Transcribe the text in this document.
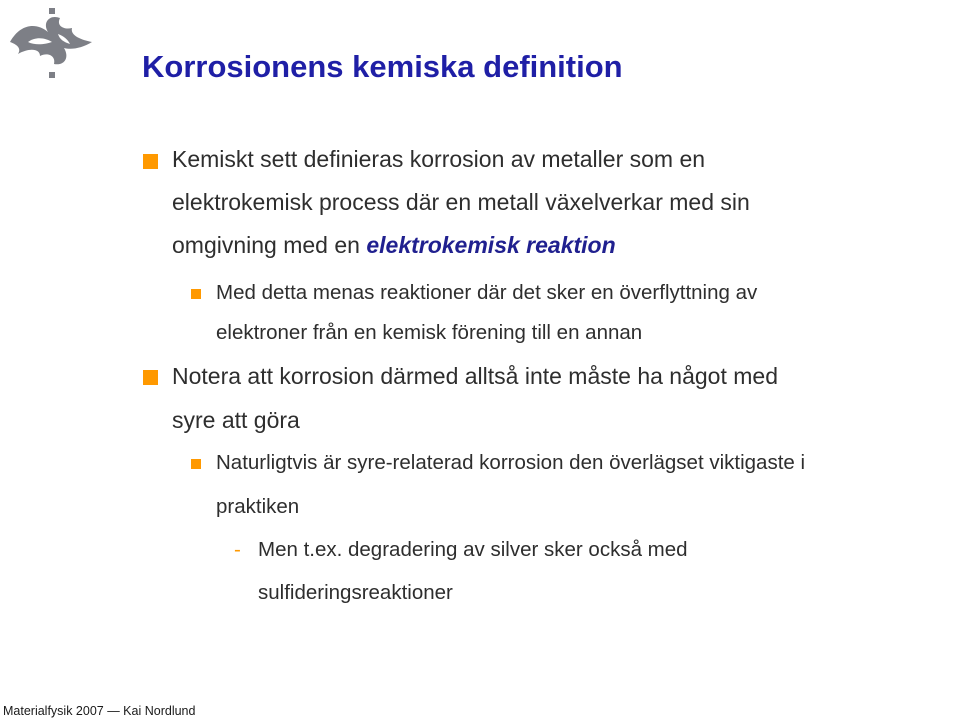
Korrosionens kemiska definition

Kemiskt sett definieras korrosion av metaller som en

elektrokemisk process där en metall växelverkar med sin

omgivning med en elektrokemisk reaktion

Med detta menas reaktioner där det sker en överflyttning av

elektroner från en kemisk förening till en annan

Notera att korrosion därmed alltså inte måste ha något med

syre att göra

Naturligtvis är syre-relaterad korrosion den överlägset viktigaste i

praktiken

- Men t.ex. degradering av silver sker också med

sulfideringsreaktioner

Materialfysik 2007 — Kai Nordlund
